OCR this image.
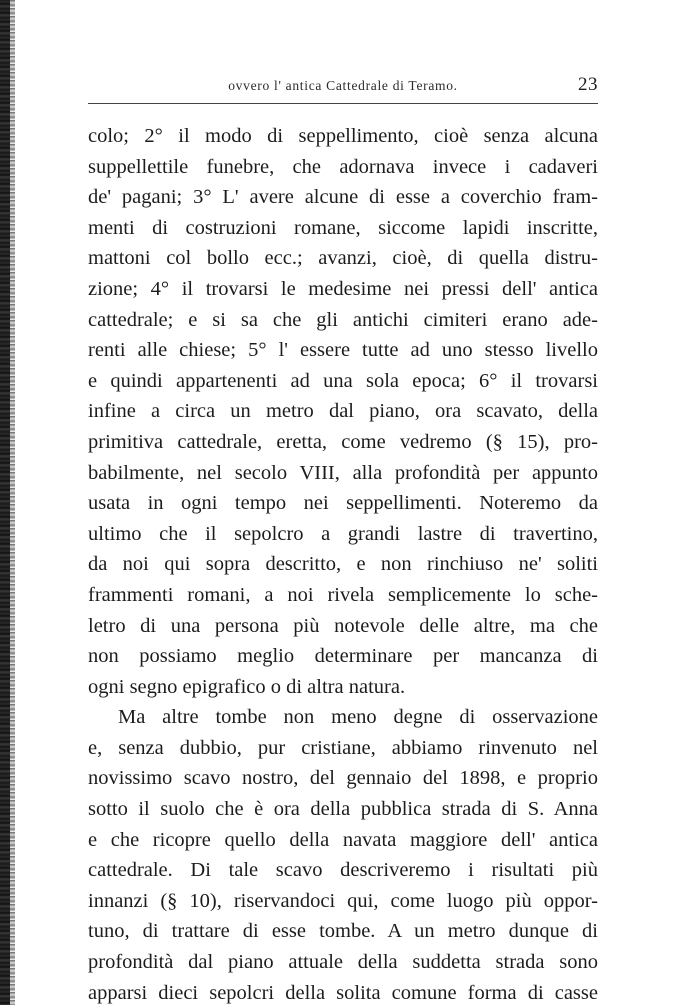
ovvero l' antica Cattedrale di Teramo.	23
colo; 2° il modo di seppellimento, cioè senza alcuna
suppellettile funebre, che adornava invece i cadaveri
de' pagani; 3° L' avere alcune di esse a coverchio fram-
menti di costruzioni romane, siccome lapidi inscritte,
mattoni col bollo ecc.; avanzi, cioè, di quella distru-
zione; 4° il trovarsi le medesime nei pressi dell' antica
cattedrale; e si sa che gli antichi cimiteri erano ade-
renti alle chiese; 5° l' essere tutte ad uno stesso livello
e quindi appartenenti ad una sola epoca; 6° il trovarsi
infine a circa un metro dal piano, ora scavato, della
primitiva cattedrale, eretta, come vedremo (§ 15), pro-
babilmente, nel secolo VIII, alla profondità per appunto
usata in ogni tempo nei seppellimenti. Noteremo da
ultimo che il sepolcro a grandi lastre di travertino,
da noi qui sopra descritto, e non rinchiuso ne' soliti
frammenti romani, a noi rivela semplicemente lo sche-
letro di una persona più notevole delle altre, ma che
non possiamo meglio determinare per mancanza di
ogni segno epigrafico o di altra natura.
Ma altre tombe non meno degne di osservazione
e, senza dubbio, pur cristiane, abbiamo rinvenuto nel
novissimo scavo nostro, del gennaio del 1898, e proprio
sotto il suolo che è ora della pubblica strada di S. Anna
e che ricopre quello della navata maggiore dell' antica
cattedrale. Di tale scavo descriveremo i risultati più
innanzi (§ 10), riservandoci qui, come luogo più oppor-
tuno, di trattare di esse tombe. A un metro dunque di
profondità dal piano attuale della suddetta strada sono
apparsi dieci sepolcri della solita comune forma di casse
